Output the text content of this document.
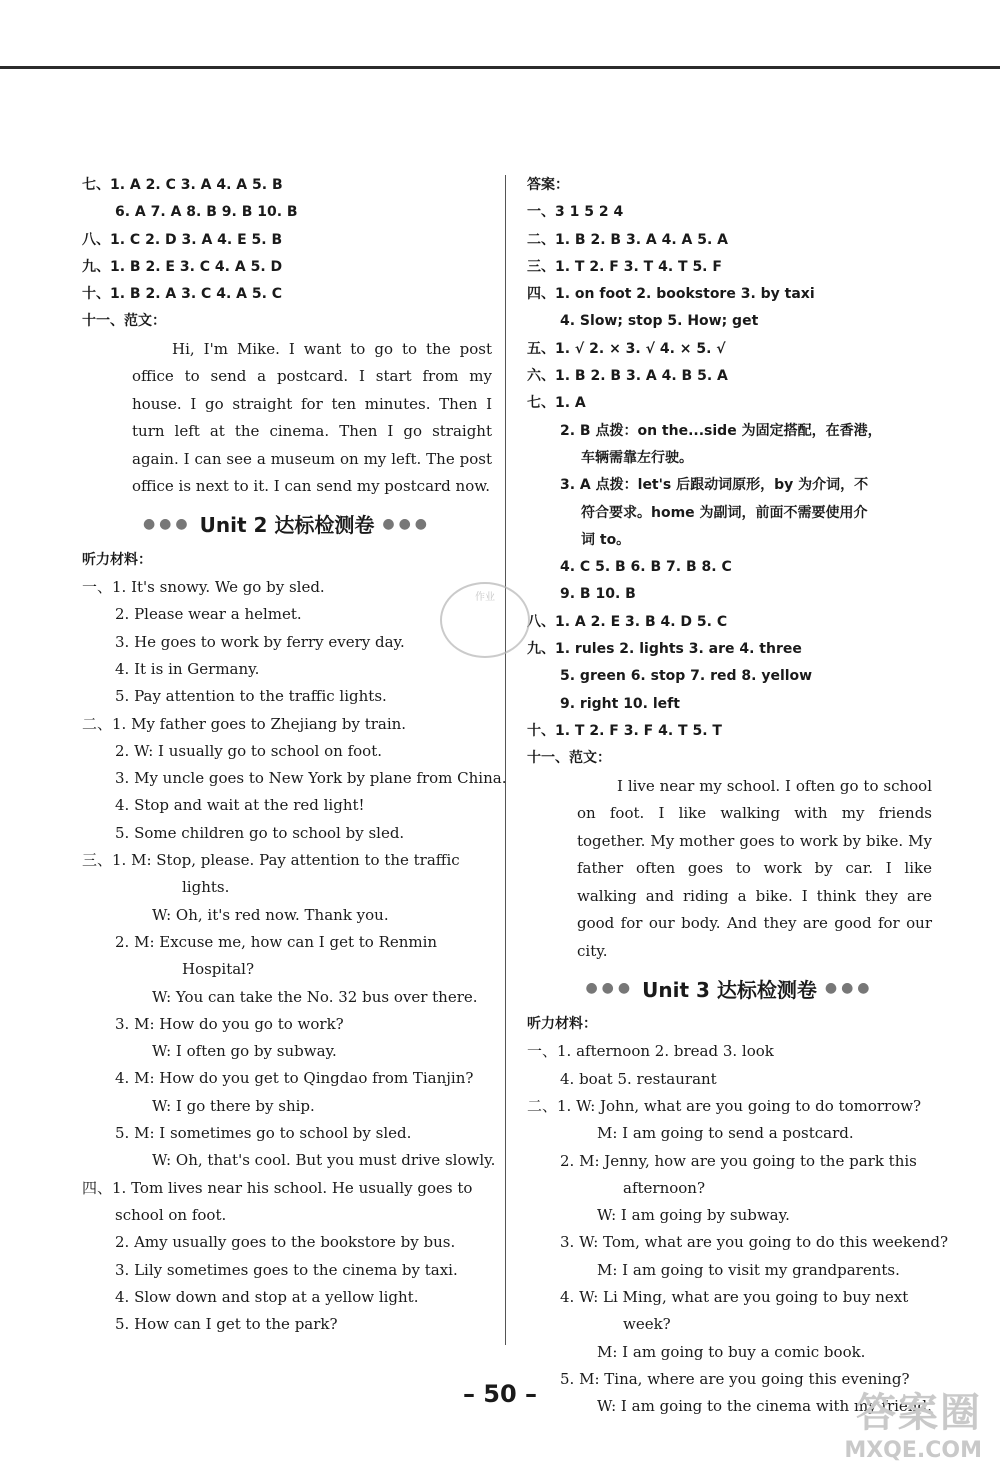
七、1. A 2. C 3. A 4. A 5. B
6. A 7. A 8. B 9. B 10. B
八、1. C 2. D 3. A 4. E 5. B
九、1. B 2. E 3. C 4. A 5. D
十、1. B 2. A 3. C 4. A 5. C
十一、范文：
Hi, I'm Mike. I want to go to the post office to send a postcard. I start from my house. I go straight for ten minutes. Then I turn left at the cinema. Then I go straight again. I can see a museum on my left. The post office is next to it. I can send my postcard now.
●●● Unit 2 达标检测卷 ●●●
听力材料：
一、1. It's snowy. We go by sled.
2. Please wear a helmet.
3. He goes to work by ferry every day.
4. It is in Germany.
5. Pay attention to the traffic lights.
二、1. My father goes to Zhejiang by train.
2. W: I usually go to school on foot.
3. My uncle goes to New York by plane from China.
4. Stop and wait at the red light!
5. Some children go to school by sled.
三、1. M: Stop, please. Pay attention to the traffic
lights.
W: Oh, it's red now. Thank you.
2. M: Excuse me, how can I get to Renmin
Hospital?
W: You can take the No. 32 bus over there.
3. M: How do you go to work?
W: I often go by subway.
4. M: How do you get to Qingdao from Tianjin?
W: I go there by ship.
5. M: I sometimes go to school by sled.
W: Oh, that's cool. But you must drive slowly.
四、1. Tom lives near his school. He usually goes to
school on foot.
2. Amy usually goes to the bookstore by bus.
3. Lily sometimes goes to the cinema by taxi.
4. Slow down and stop at a yellow light.
5. How can I get to the park?
答案：
一、3 1 5 2 4
二、1. B 2. B 3. A 4. A 5. A
三、1. T 2. F 3. T 4. T 5. F
四、1. on foot 2. bookstore 3. by taxi
4. Slow; stop 5. How; get
五、1. √ 2. × 3. √ 4. × 5. √
六、1. B 2. B 3. A 4. B 5. A
七、1. A
2. B 点拨：on the...side 为固定搭配，在香港，
车辆需靠左行驶。
3. A 点拨：let's 后跟动词原形，by 为介词，不
符合要求。home 为副词，前面不需要使用介
词 to。
4. C 5. B 6. B 7. B 8. C
9. B 10. B
八、1. A 2. E 3. B 4. D 5. C
九、1. rules 2. lights 3. are 4. three
5. green 6. stop 7. red 8. yellow
9. right 10. left
十、1. T 2. F 3. F 4. T 5. T
十一、范文：
I live near my school. I often go to school on foot. I like walking with my friends together. My mother goes to work by bike. My father often goes to work by car. I like walking and riding a bike. I think they are good for our body. And they are good for our city.
●●● Unit 3 达标检测卷 ●●●
听力材料：
一、1. afternoon 2. bread 3. look
4. boat 5. restaurant
二、1. W: John, what are you going to do tomorrow?
M: I am going to send a postcard.
2. M: Jenny, how are you going to the park this
afternoon?
W: I am going by subway.
3. W: Tom, what are you going to do this weekend?
M: I am going to visit my grandparents.
4. W: Li Ming, what are you going to buy next
week?
M: I am going to buy a comic book.
5. M: Tina, where are you going this evening?
W: I am going to the cinema with my friend.
作业
– 50 –	答案圈
MXQE.COM
